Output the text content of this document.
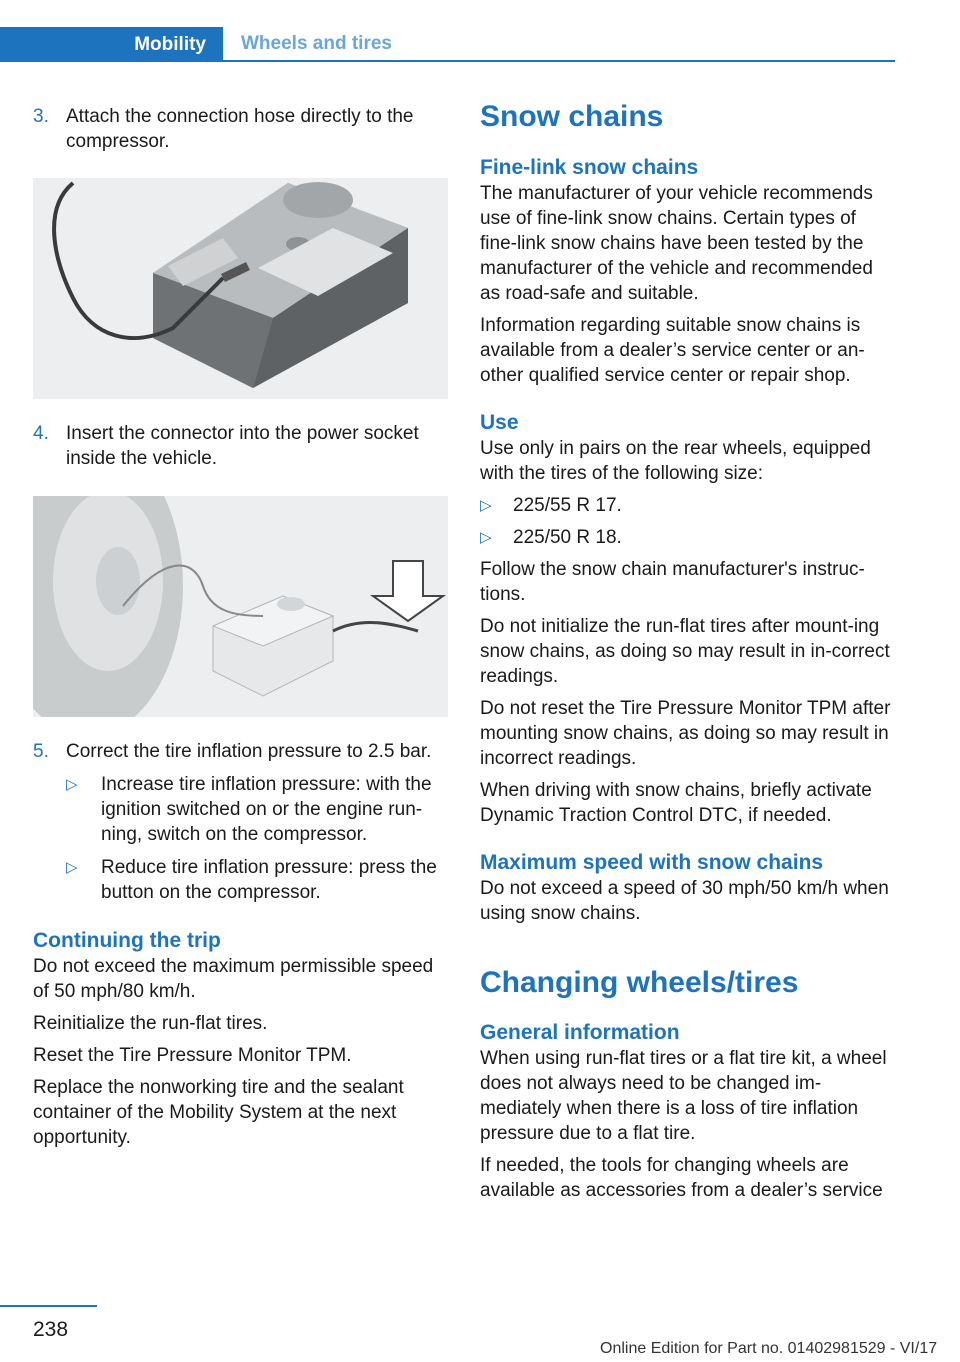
Mobility	Wheels and tires
3. Attach the connection hose directly to the compressor.
4. Insert the connector into the power socket inside the vehicle.
5. Correct the tire inflation pressure to 2.5 bar.
▷ Increase tire inflation pressure: with the ignition switched on or the engine run‐ning, switch on the compressor.
▷ Reduce tire inflation pressure: press the button on the compressor.
Continuing the trip

Do not exceed the maximum permissible speed of 50 mph/80 km/h.

Reinitialize the run-flat tires.

Reset the Tire Pressure Monitor TPM.

Replace the nonworking tire and the sealant container of the Mobility System at the next opportunity.

Snow chains
Fine-link snow chains

The manufacturer of your vehicle recommends use of fine-link snow chains. Certain types of fine-link snow chains have been tested by the manufacturer of the vehicle and recommended as road-safe and suitable.

Information regarding suitable snow chains is available from a dealer’s service center or an‐other qualified service center or repair shop.

Use

Use only in pairs on the rear wheels, equipped with the tires of the following size:

▷ 225/55 R 17.
▷ 225/50 R 18.

Follow the snow chain manufacturer's instruc‐tions.

Do not initialize the run-flat tires after mount‐ing snow chains, as doing so may result in in‐correct readings.

Do not reset the Tire Pressure Monitor TPM after mounting snow chains, as doing so may result in incorrect readings.

When driving with snow chains, briefly activate Dynamic Traction Control DTC, if needed.

Maximum speed with snow chains

Do not exceed a speed of 30 mph/50 km/h when using snow chains.

Changing wheels/tires
General information

When using run-flat tires or a flat tire kit, a wheel does not always need to be changed im‐mediately when there is a loss of tire inflation pressure due to a flat tire.

If needed, the tools for changing wheels are available as accessories from a dealer’s service

238
Online Edition for Part no. 01402981529 - VI/17
